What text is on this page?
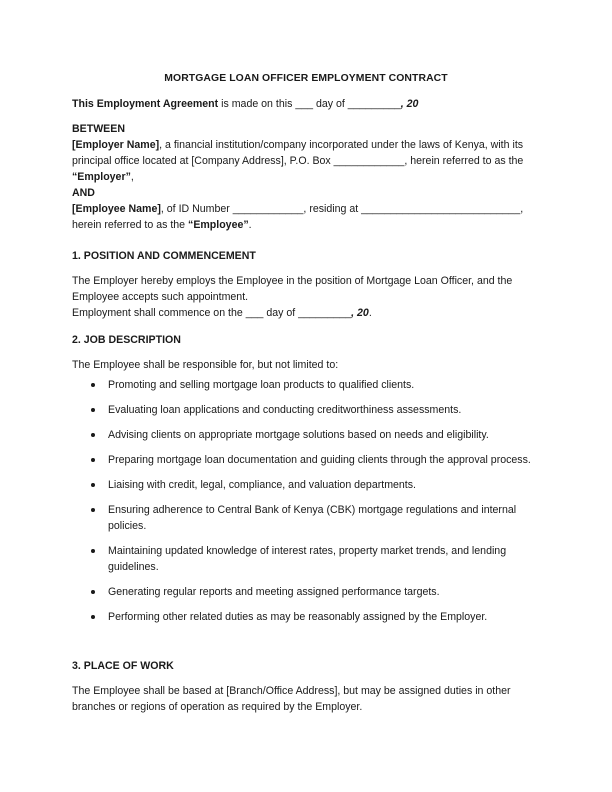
MORTGAGE LOAN OFFICER EMPLOYMENT CONTRACT

This Employment Agreement is made on this ___ day of _________, 20

BETWEEN
[Employer Name], a financial institution/company incorporated under the laws of Kenya, with its principal office located at [Company Address], P.O. Box ____________, herein referred to as the “Employer”,
AND
[Employee Name], of ID Number ____________, residing at ___________________________, herein referred to as the “Employee”.

1. POSITION AND COMMENCEMENT

The Employer hereby employs the Employee in the position of Mortgage Loan Officer, and the Employee accepts such appointment.
Employment shall commence on the ___ day of _________, 20.

2. JOB DESCRIPTION

The Employee shall be responsible for, but not limited to:

Promoting and selling mortgage loan products to qualified clients.
Evaluating loan applications and conducting creditworthiness assessments.
Advising clients on appropriate mortgage solutions based on needs and eligibility.
Preparing mortgage loan documentation and guiding clients through the approval process.
Liaising with credit, legal, compliance, and valuation departments.
Ensuring adherence to Central Bank of Kenya (CBK) mortgage regulations and internal policies.
Maintaining updated knowledge of interest rates, property market trends, and lending guidelines.
Generating regular reports and meeting assigned performance targets.
Performing other related duties as may be reasonably assigned by the Employer.

3. PLACE OF WORK

The Employee shall be based at [Branch/Office Address], but may be assigned duties in other branches or regions of operation as required by the Employer.
